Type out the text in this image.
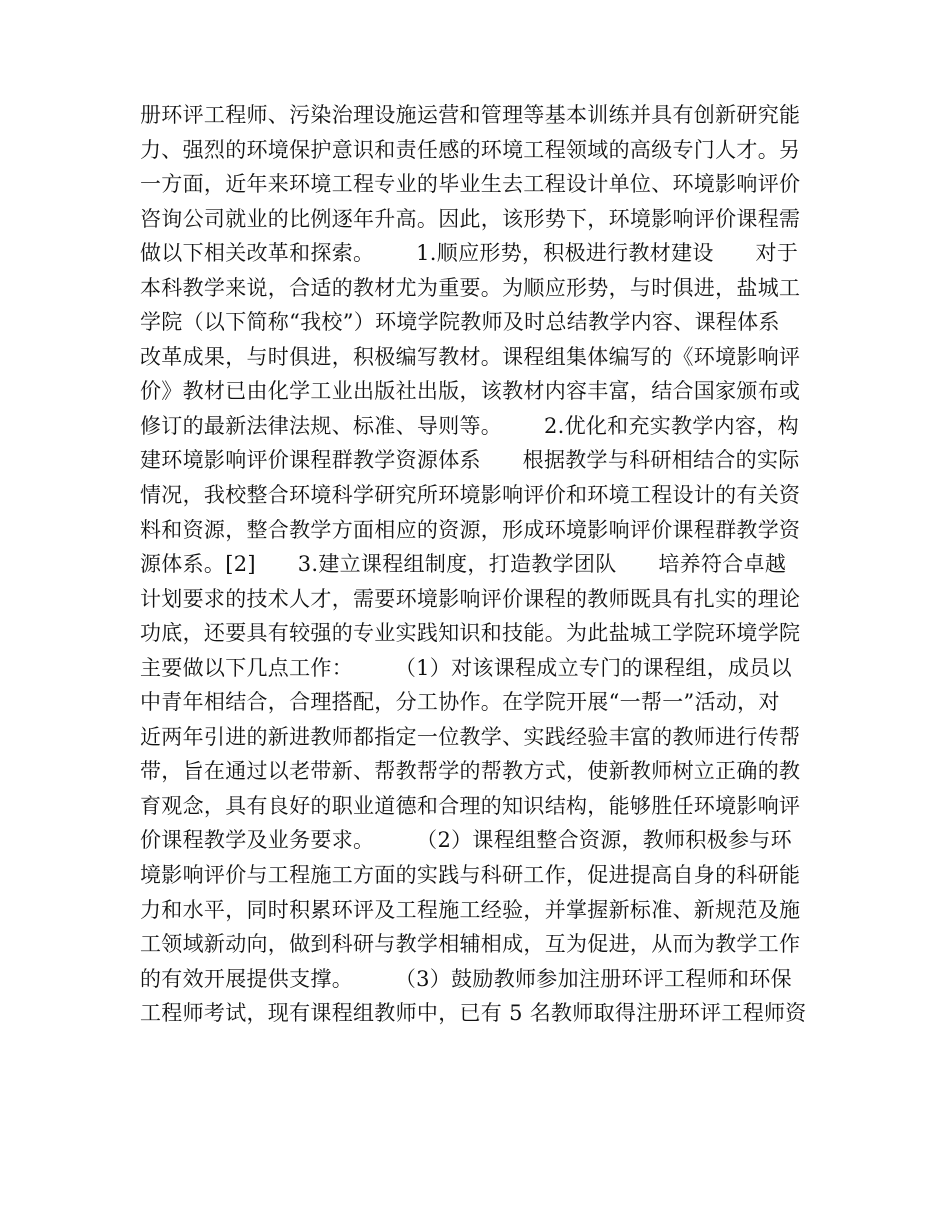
册环评工程师、污染治理设施运营和管理等基本训练并具有创新研究能
力、强烈的环境保护意识和责任感的环境工程领域的高级专门人才。另
一方面，近年来环境工程专业的毕业生去工程设计单位、环境影响评价
咨询公司就业的比例逐年升高。因此，该形势下，环境影响评价课程需
做以下相关改革和探索。      1.顺应形势，积极进行教材建设      对于
本科教学来说，合适的教材尤为重要。为顺应形势，与时俱进，盐城工
学院（以下简称“我校”）环境学院教师及时总结教学内容、课程体系
改革成果，与时俱进，积极编写教材。课程组集体编写的《环境影响评
价》教材已由化学工业出版社出版，该教材内容丰富，结合国家颁布或
修订的最新法律法规、标准、导则等。      2.优化和充实教学内容，构
建环境影响评价课程群教学资源体系      根据教学与科研相结合的实际
情况，我校整合环境科学研究所环境影响评价和环境工程设计的有关资
料和资源，整合教学方面相应的资源，形成环境影响评价课程群教学资
源体系。[2]      3.建立课程组制度，打造教学团队      培养符合卓越
计划要求的技术人才，需要环境影响评价课程的教师既具有扎实的理论
功底，还要具有较强的专业实践知识和技能。为此盐城工学院环境学院
主要做以下几点工作：      （1）对该课程成立专门的课程组，成员以
中青年相结合，合理搭配，分工协作。在学院开展“一帮一”活动，对
近两年引进的新进教师都指定一位教学、实践经验丰富的教师进行传帮
带，旨在通过以老带新、帮教帮学的帮教方式，使新教师树立正确的教
育观念，具有良好的职业道德和合理的知识结构，能够胜任环境影响评
价课程教学及业务要求。      （2）课程组整合资源，教师积极参与环
境影响评价与工程施工方面的实践与科研工作，促进提高自身的科研能
力和水平，同时积累环评及工程施工经验，并掌握新标准、新规范及施
工领域新动向，做到科研与教学相辅相成，互为促进，从而为教学工作
的有效开展提供支撑。      （3）鼓励教师参加注册环评工程师和环保
工程师考试，现有课程组教师中，已有 5 名教师取得注册环评工程师资
